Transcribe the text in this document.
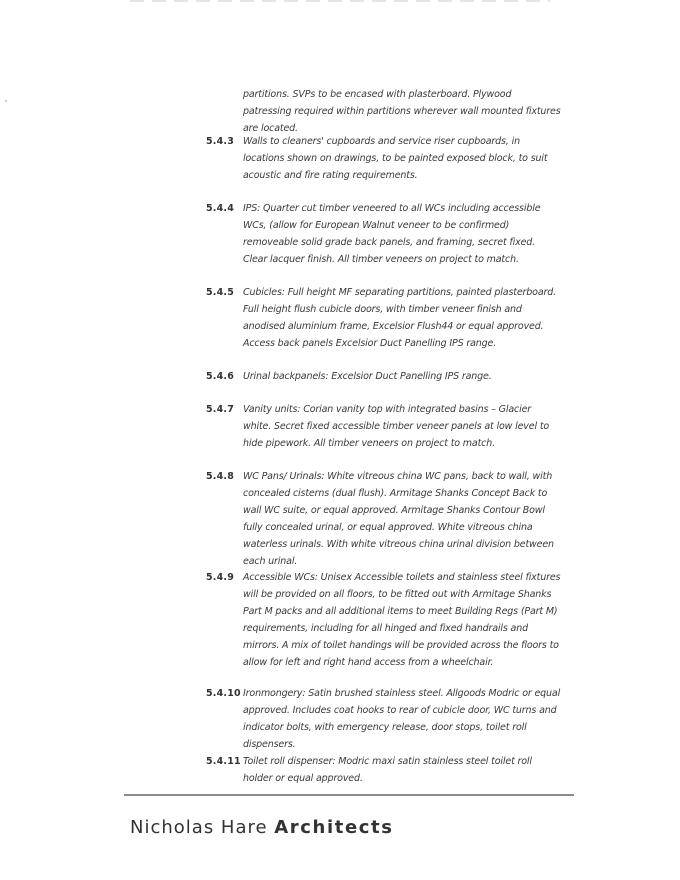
partitions. SVPs to be encased with plasterboard. Plywood patressing required within partitions wherever wall mounted fixtures are located.
5.4.3 Walls to cleaners' cupboards and service riser cupboards, in locations shown on drawings, to be painted exposed block, to suit acoustic and fire rating requirements.
5.4.4 IPS: Quarter cut timber veneered to all WCs including accessible WCs, (allow for European Walnut veneer to be confirmed) removeable solid grade back panels, and framing, secret fixed. Clear lacquer finish. All timber veneers on project to match.
5.4.5 Cubicles: Full height MF separating partitions, painted plasterboard. Full height flush cubicle doors, with timber veneer finish and anodised aluminium frame, Excelsior Flush44 or equal approved. Access back panels Excelsior Duct Panelling IPS range.
5.4.6 Urinal backpanels: Excelsior Duct Panelling IPS range.
5.4.7 Vanity units: Corian vanity top with integrated basins – Glacier white. Secret fixed accessible timber veneer panels at low level to hide pipework. All timber veneers on project to match.
5.4.8 WC Pans/ Urinals: White vitreous china WC pans, back to wall, with concealed cisterns (dual flush). Armitage Shanks Concept Back to wall WC suite, or equal approved. Armitage Shanks Contour Bowl fully concealed urinal, or equal approved. White vitreous china waterless urinals. With white vitreous china urinal division between each urinal.
5.4.9 Accessible WCs: Unisex Accessible toilets and stainless steel fixtures will be provided on all floors, to be fitted out with Armitage Shanks Part M packs and all additional items to meet Building Regs (Part M) requirements, including for all hinged and fixed handrails and mirrors. A mix of toilet handings will be provided across the floors to allow for left and right hand access from a wheelchair.
5.4.10 Ironmongery: Satin brushed stainless steel. Allgoods Modric or equal approved. Includes coat hooks to rear of cubicle door, WC turns and indicator bolts, with emergency release, door stops, toilet roll dispensers.
5.4.11 Toilet roll dispenser: Modric maxi satin stainless steel toilet roll holder or equal approved.
Nicholas Hare Architects
